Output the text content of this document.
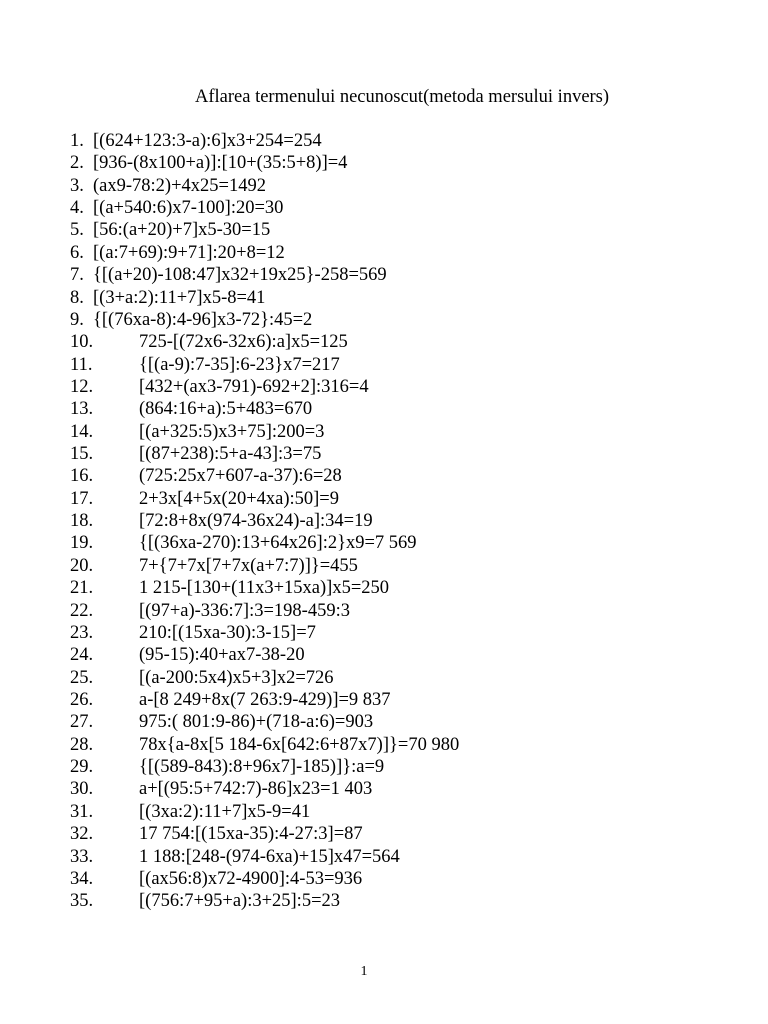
Aflarea termenului necunoscut(metoda mersului invers)
1. [(624+123:3-a):6]x3+254=254
2. [936-(8x100+a)]:[10+(35:5+8)]=4
3. (ax9-78:2)+4x25=1492
4. [(a+540:6)x7-100]:20=30
5. [56:(a+20)+7]x5-30=15
6. [(a:7+69):9+71]:20+8=12
7. {[(a+20)-108:47]x32+19x25}-258=569
8. [(3+a:2):11+7]x5-8=41
9. {[(76xa-8):4-96]x3-72}:45=2
10. 725-[(72x6-32x6):a]x5=125
11.	{[(a-9):7-35]:6-23}x7=217
12. [432+(ax3-791)-692+2]:316=4
13. (864:16+a):5+483=670
14. [(a+325:5)x3+75]:200=3
15. [(87+238):5+a-43]:3=75
16. (725:25x7+607-a-37):6=28
17. 2+3x[4+5x(20+4xa):50]=9
18. [72:8+8x(974-36x24)-a]:34=19
19. {[(36xa-270):13+64x26]:2}x9=7 569
20. 7+{7+7x[7+7x(a+7:7)]}=455
21. 1 215-[130+(11x3+15xa)]x5=250
22. [(97+a)-336:7]:3=198-459:3
23. 210:[(15xa-30):3-15]=7
24. (95-15):40+ax7-38-20
25. [(a-200:5x4)x5+3]x2=726
26. a-[8 249+8x(7 263:9-429)]=9 837
27. 975:( 801:9-86)+(718-a:6)=903
28. 78x{a-8x[5 184-6x[642:6+87x7)]}=70 980
29. {[(589-843):8+96x7]-185)]}:a=9
30. a+[(95:5+742:7)-86]x23=1 403
31. [(3xa:2):11+7]x5-9=41
32. 17 754:[(15xa-35):4-27:3]=87
33. 1 188:[248-(974-6xa)+15]x47=564
34. [(ax56:8)x72-4900]:4-53=936
35. [(756:7+95+a):3+25]:5=23
1
